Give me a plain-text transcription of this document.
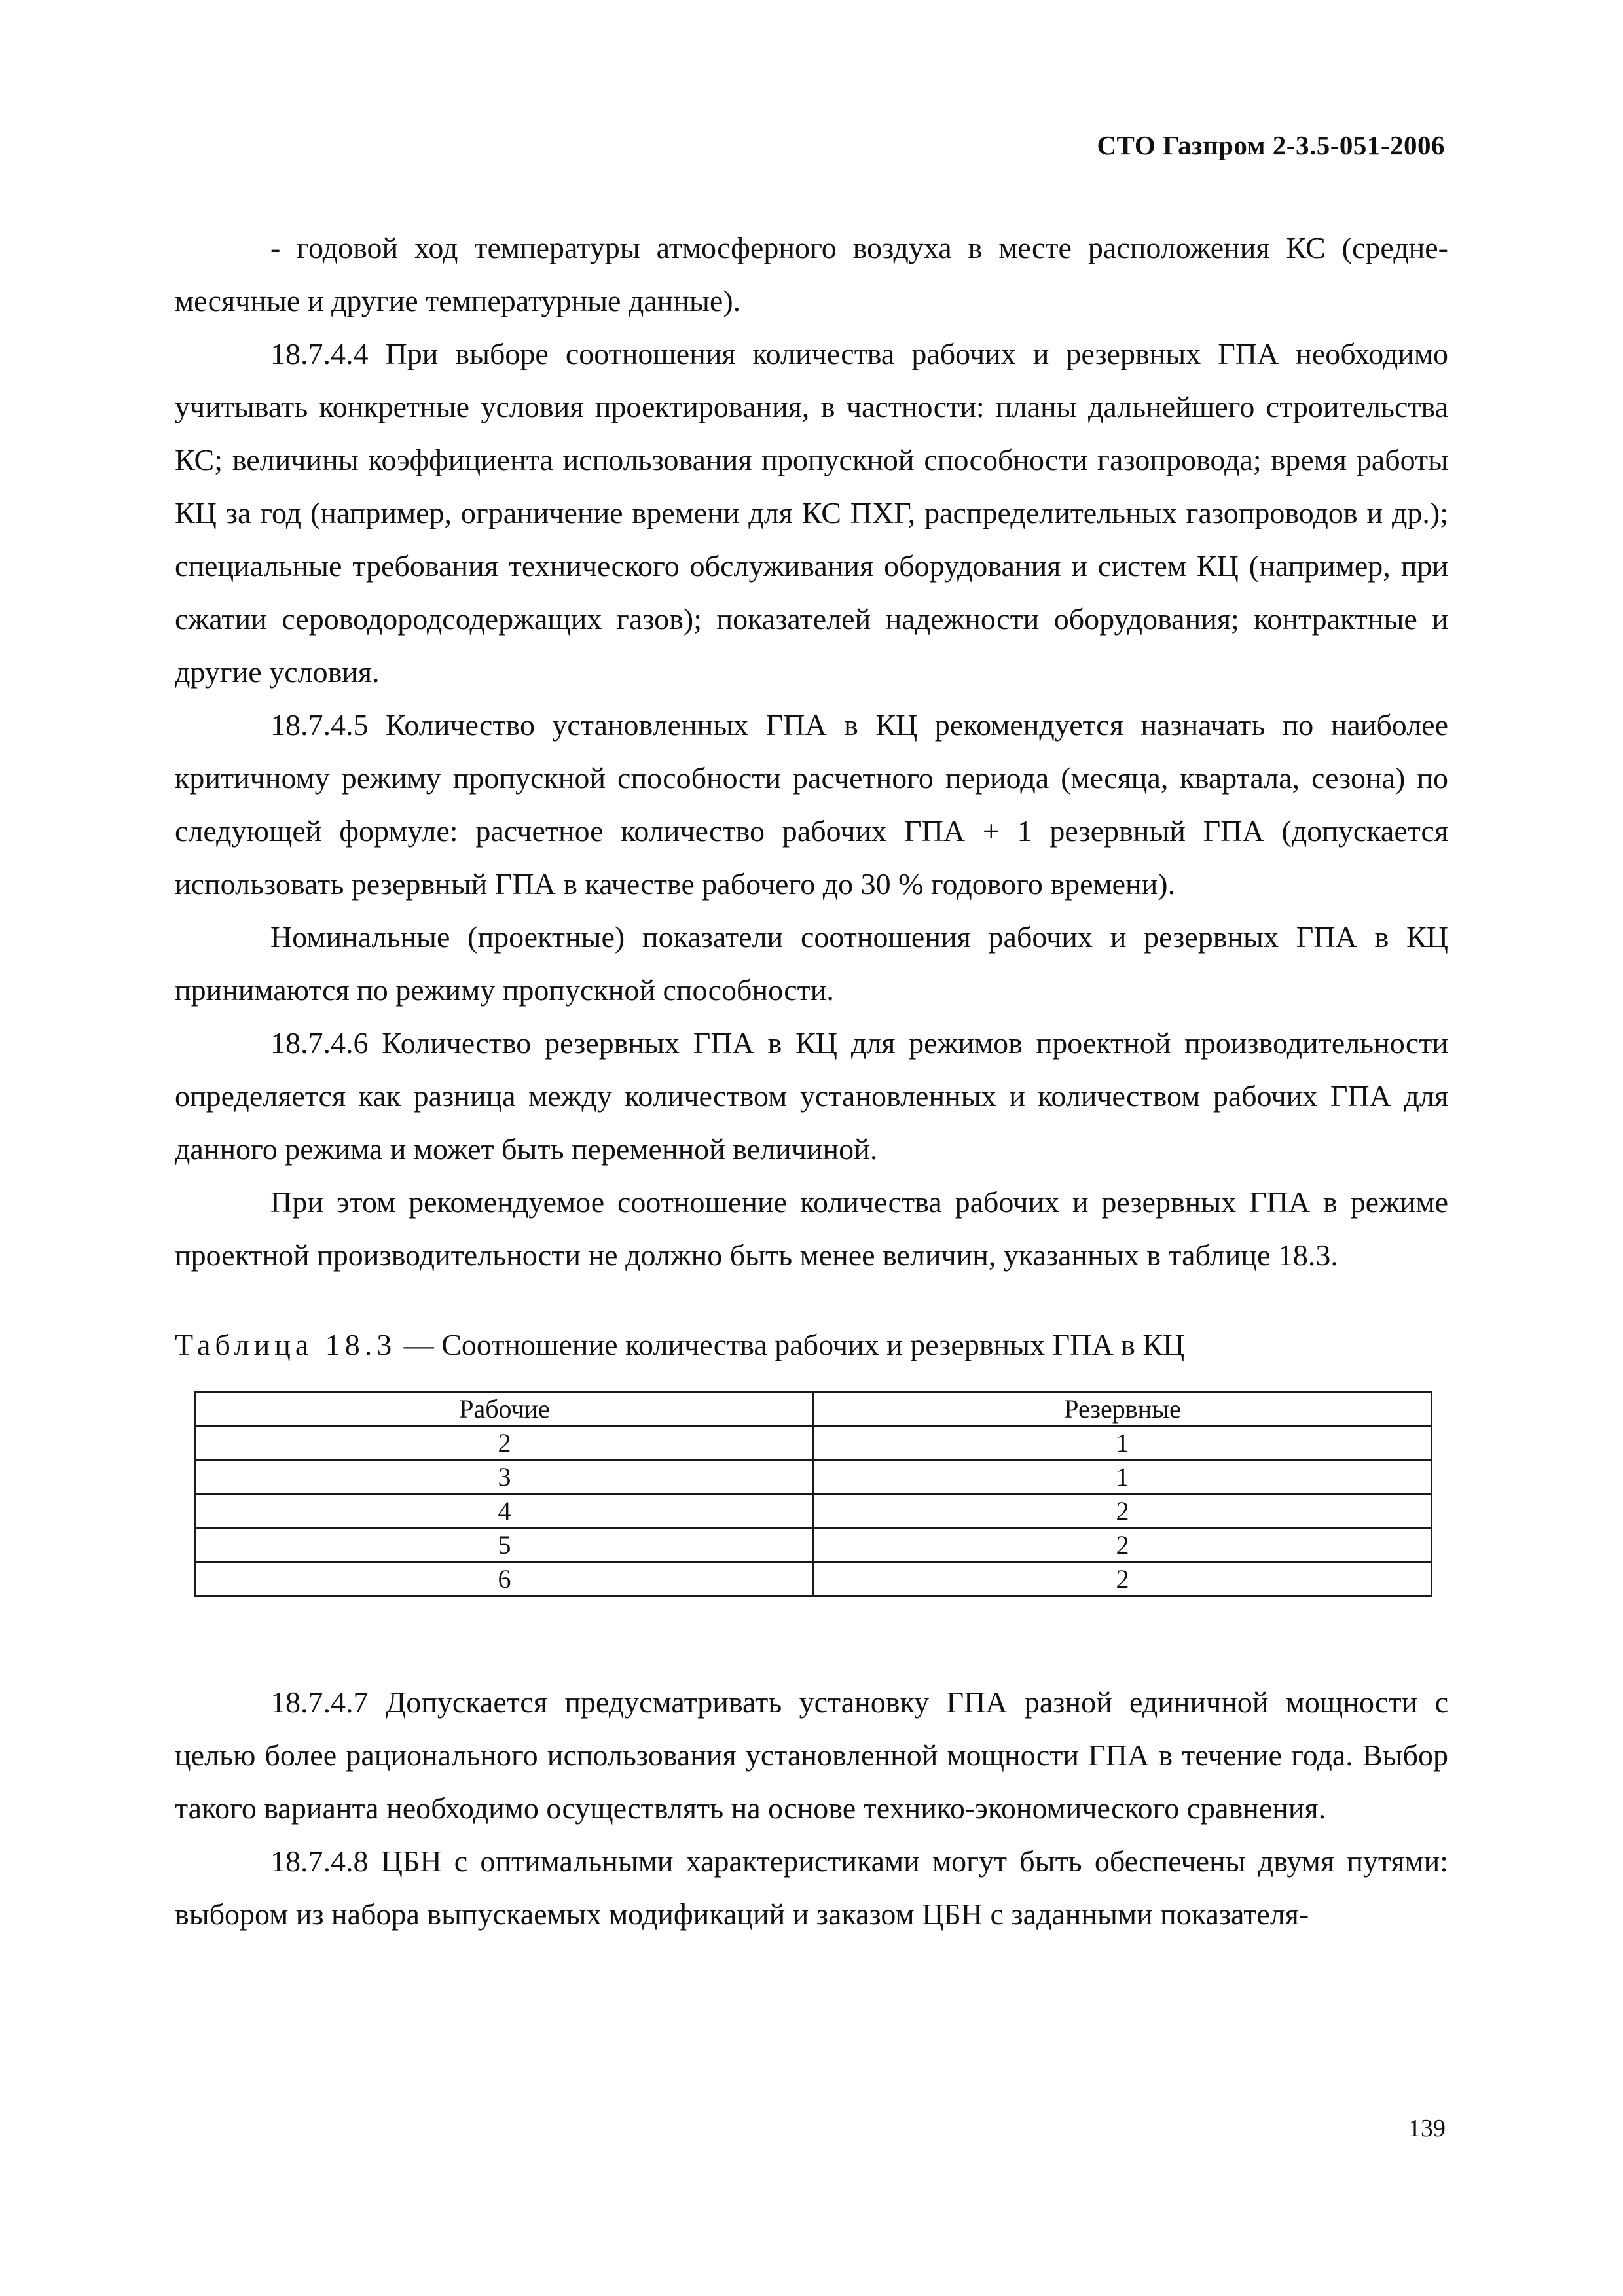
СТО Газпром 2-3.5-051-2006

- годовой ход температуры атмосферного воздуха в месте расположения КС (среднемесячные и другие температурные данные).

18.7.4.4 При выборе соотношения количества рабочих и резервных ГПА необходимо учитывать конкретные условия проектирования, в частности: планы дальнейшего строительства КС; величины коэффициента использования пропускной способности газопровода; время работы КЦ за год (например, ограничение времени для КС ПХГ, распределительных газопроводов и др.); специальные требования технического обслуживания оборудования и систем КЦ (например, при сжатии сероводородсодержащих газов); показателей надежности оборудования; контрактные и другие условия.

18.7.4.5 Количество установленных ГПА в КЦ рекомендуется назначать по наиболее критичному режиму пропускной способности расчетного периода (месяца, квартала, сезона) по следующей формуле: расчетное количество рабочих ГПА + 1 резервный ГПА (допускается использовать резервный ГПА в качестве рабочего до 30 % годового времени).

Номинальные (проектные) показатели соотношения рабочих и резервных ГПА в КЦ принимаются по режиму пропускной способности.

18.7.4.6 Количество резервных ГПА в КЦ для режимов проектной производительности определяется как разница между количеством установленных и количеством рабочих ГПА для данного режима и может быть переменной величиной.

При этом рекомендуемое соотношение количества рабочих и резервных ГПА в режиме проектной производительности не должно быть менее величин, указанных в таблице 18.3.

Таблица 18.3 — Соотношение количества рабочих и резервных ГПА в КЦ

Рабочие	Резервные
2	1
3	1
4	2
5	2
6	2

18.7.4.7 Допускается предусматривать установку ГПА разной единичной мощности с целью более рационального использования установленной мощности ГПА в течение года. Выбор такого варианта необходимо осуществлять на основе технико-экономического сравнения.

18.7.4.8 ЦБН с оптимальными характеристиками могут быть обеспечены двумя путями: выбором из набора выпускаемых модификаций и заказом ЦБН с заданными показателя-

139
